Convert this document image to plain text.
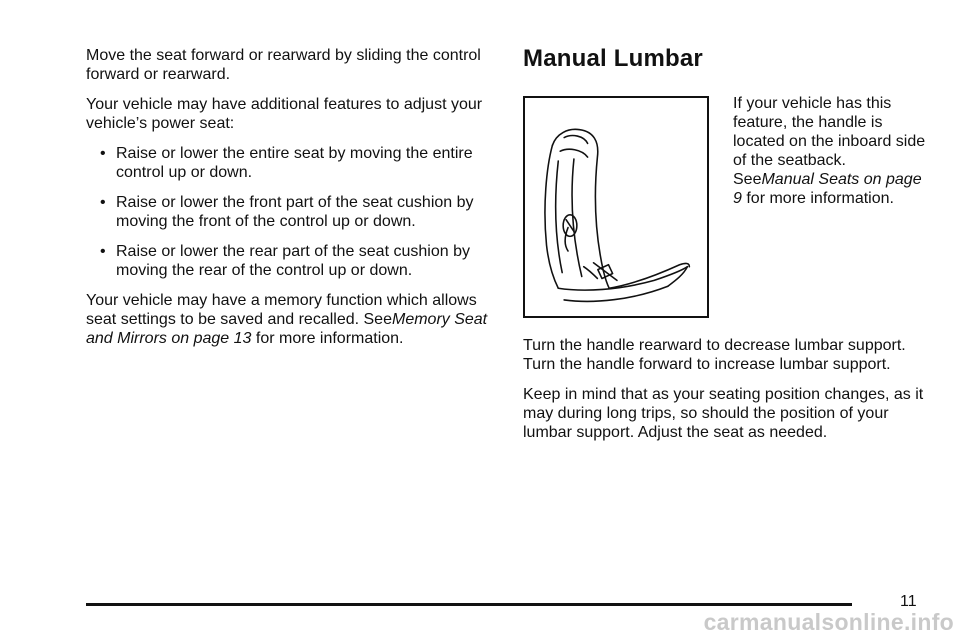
Move the seat forward or rearward by sliding the control forward or rearward.

Your vehicle may have additional features to adjust your vehicle’s power seat:

• Raise or lower the entire seat by moving the entire control up or down.
• Raise or lower the front part of the seat cushion by moving the front of the control up or down.
• Raise or lower the rear part of the seat cushion by moving the rear of the control up or down.

Your vehicle may have a memory function which allows seat settings to be saved and recalled. SeeMemory Seat and Mirrors on page 13 for more information.

Manual Lumbar
If your vehicle has this feature, the handle is located on the inboard side of the seatback. SeeManual Seats on page 9 for more information.

Turn the handle rearward to decrease lumbar support. Turn the handle forward to increase lumbar support.

Keep in mind that as your seating position changes, as it may during long trips, so should the position of your lumbar support. Adjust the seat as needed.

11
carmanualsonline.info
